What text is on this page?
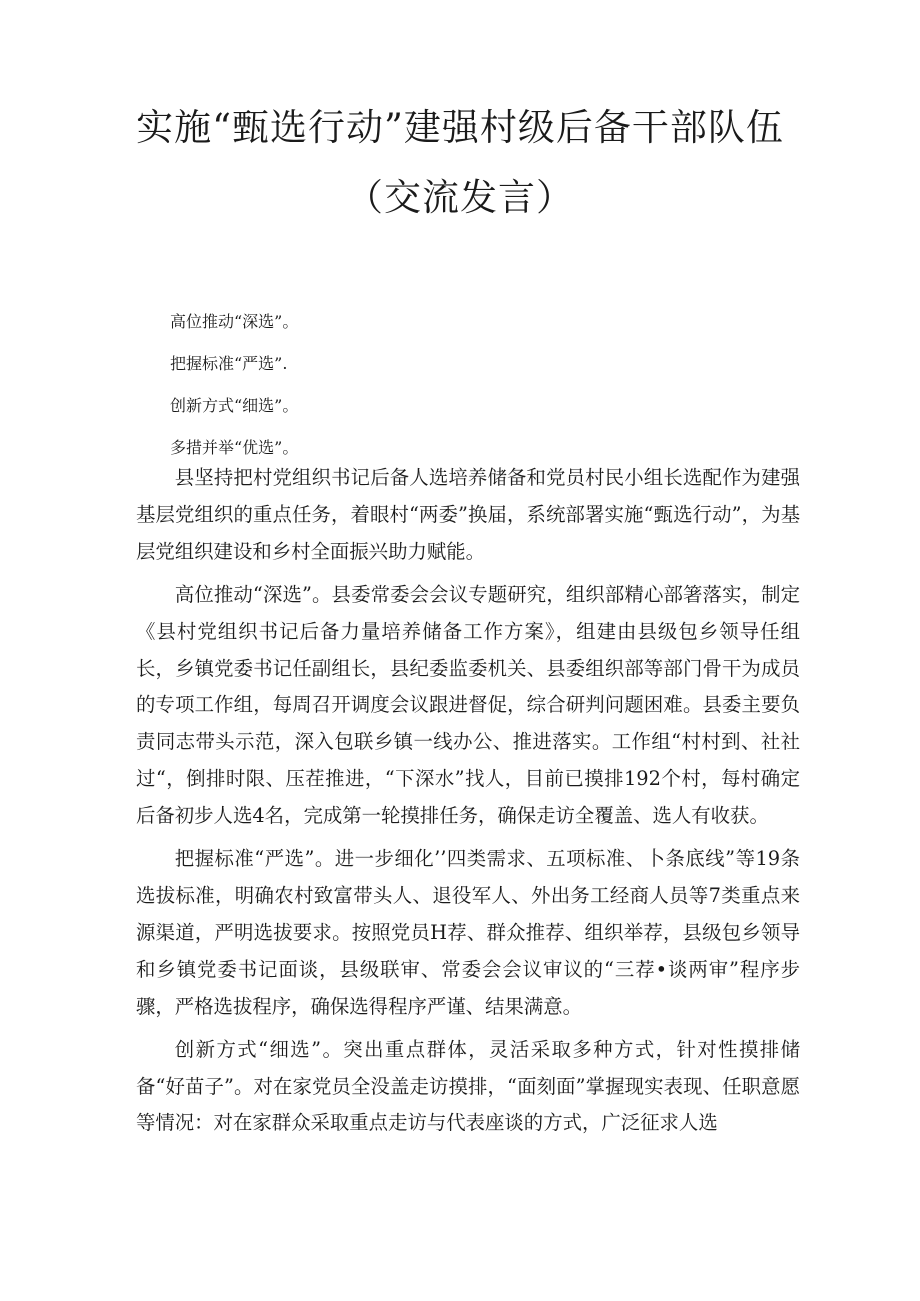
实施“甄选行动”建强村级后备干部队伍
（交流发言）
高位推动“深选”。
把握标准“严选”.
创新方式“细选”。
多措并举“优选”。

县坚持把村党组织书记后备人选培养储备和党员村民小组长选配作为建强基层党组织的重点任务，着眼村“两委”换届，系统部署实施“甄选行动”，为基层党组织建设和乡村全面振兴助力赋能。

高位推动“深选”。县委常委会会议专题研究，组织部精心部箸落实，制定《县村党组织书记后备力量培养储备工作方案》，组建由县级包乡领导任组长，乡镇党委书记任副组长，县纪委监委机关、县委组织部等部门骨干为成员的专项工作组，每周召开调度会议跟进督促，综合研判问题困难。县委主要负责同志带头示范，深入包联乡镇一线办公、推进落实。工作组“村村到、社社过“，倒排时限、压茬推进，“下深水”找人，目前已摸排192个村，每村确定后备初步人选4名，完成第一轮摸排任务，确保走访全覆盖、选人有收获。

把握标准“严选”。进一步细化’’四类需求、五项标准、卜条底线”等19条选拔标准，明确农村致富带头人、退役军人、外出务工经商人员等7类重点来源渠道，严明选拔要求。按照党员H荐、群众推荐、组织举荐，县级包乡领导和乡镇党委书记面谈，县级联审、常委会会议审议的“三荐•谈两审”程序步骤，严格选拔程序，确保选得程序严谨、结果满意。

创新方式“细选”。突出重点群体，灵活采取多种方式，针对性摸排储备“好苗子”。对在家党员全没盖走访摸排，“面刻面”掌握现实表现、任职意愿等情况：对在家群众采取重点走访与代表座谈的方式，广泛征求人选
